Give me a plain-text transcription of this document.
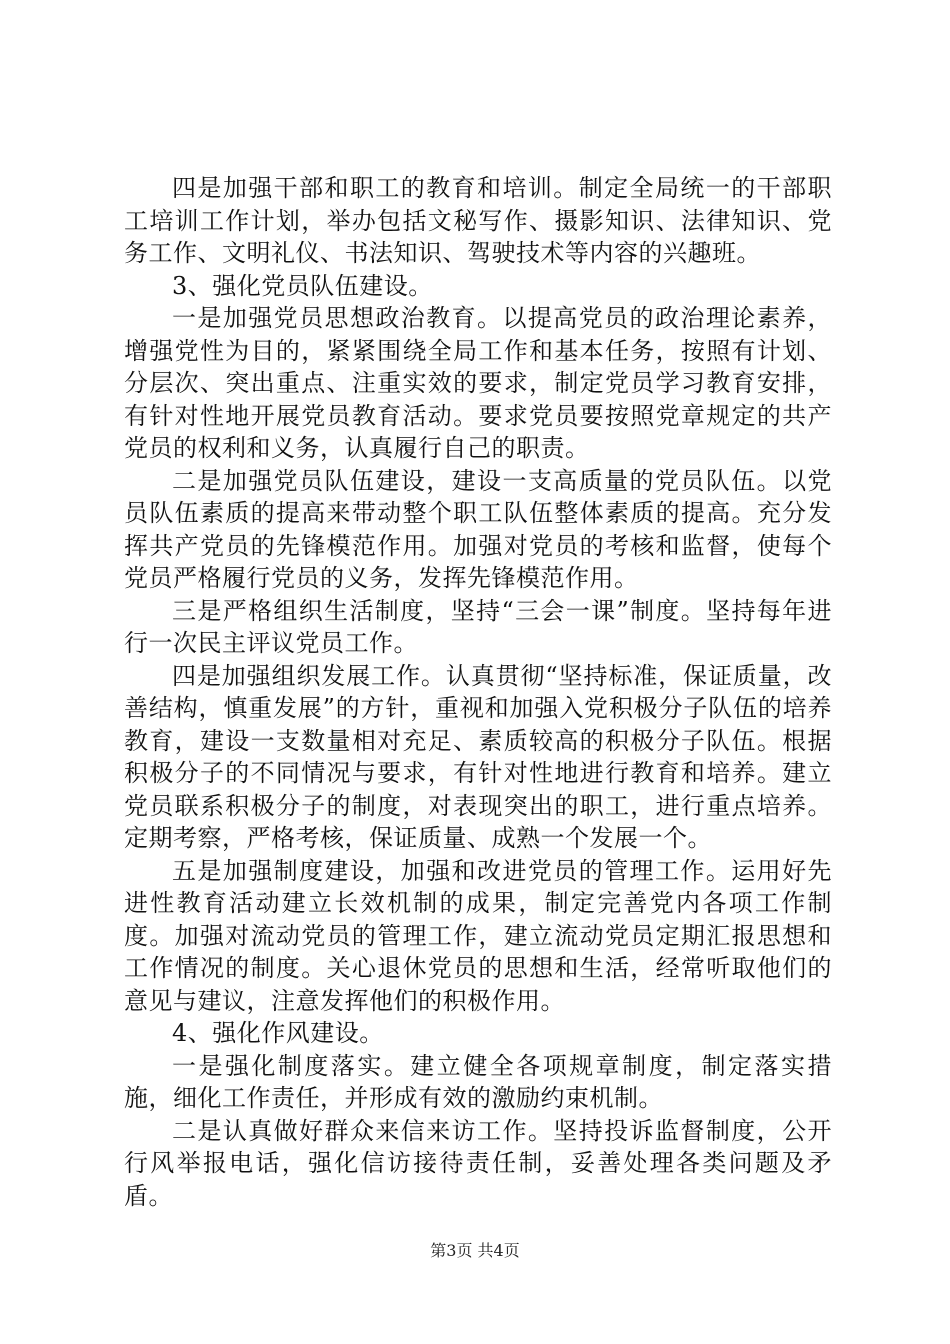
四是加强干部和职工的教育和培训。制定全局统一的干部职工培训工作计划，举办包括文秘写作、摄影知识、法律知识、党务工作、文明礼仪、书法知识、驾驶技术等内容的兴趣班。

3、强化党员队伍建设。

一是加强党员思想政治教育。以提高党员的政治理论素养，增强党性为目的，紧紧围绕全局工作和基本任务，按照有计划、分层次、突出重点、注重实效的要求，制定党员学习教育安排，有针对性地开展党员教育活动。要求党员要按照党章规定的共产党员的权利和义务，认真履行自己的职责。

二是加强党员队伍建设，建设一支高质量的党员队伍。以党员队伍素质的提高来带动整个职工队伍整体素质的提高。充分发挥共产党员的先锋模范作用。加强对党员的考核和监督，使每个党员严格履行党员的义务，发挥先锋模范作用。

三是严格组织生活制度，坚持“三会一课”制度。坚持每年进行一次民主评议党员工作。

四是加强组织发展工作。认真贯彻“坚持标准，保证质量，改善结构，慎重发展”的方针，重视和加强入党积极分子队伍的培养教育，建设一支数量相对充足、素质较高的积极分子队伍。根据积极分子的不同情况与要求，有针对性地进行教育和培养。建立党员联系积极分子的制度，对表现突出的职工，进行重点培养。定期考察，严格考核，保证质量、成熟一个发展一个。

五是加强制度建设，加强和改进党员的管理工作。运用好先进性教育活动建立长效机制的成果，制定完善党内各项工作制度。加强对流动党员的管理工作，建立流动党员定期汇报思想和工作情况的制度。关心退休党员的思想和生活，经常听取他们的意见与建议，注意发挥他们的积极作用。

4、强化作风建设。

一是强化制度落实。建立健全各项规章制度，制定落实措施，细化工作责任，并形成有效的激励约束机制。

二是认真做好群众来信来访工作。坚持投诉监督制度，公开行风举报电话，强化信访接待责任制，妥善处理各类问题及矛盾。

第3页 共4页
